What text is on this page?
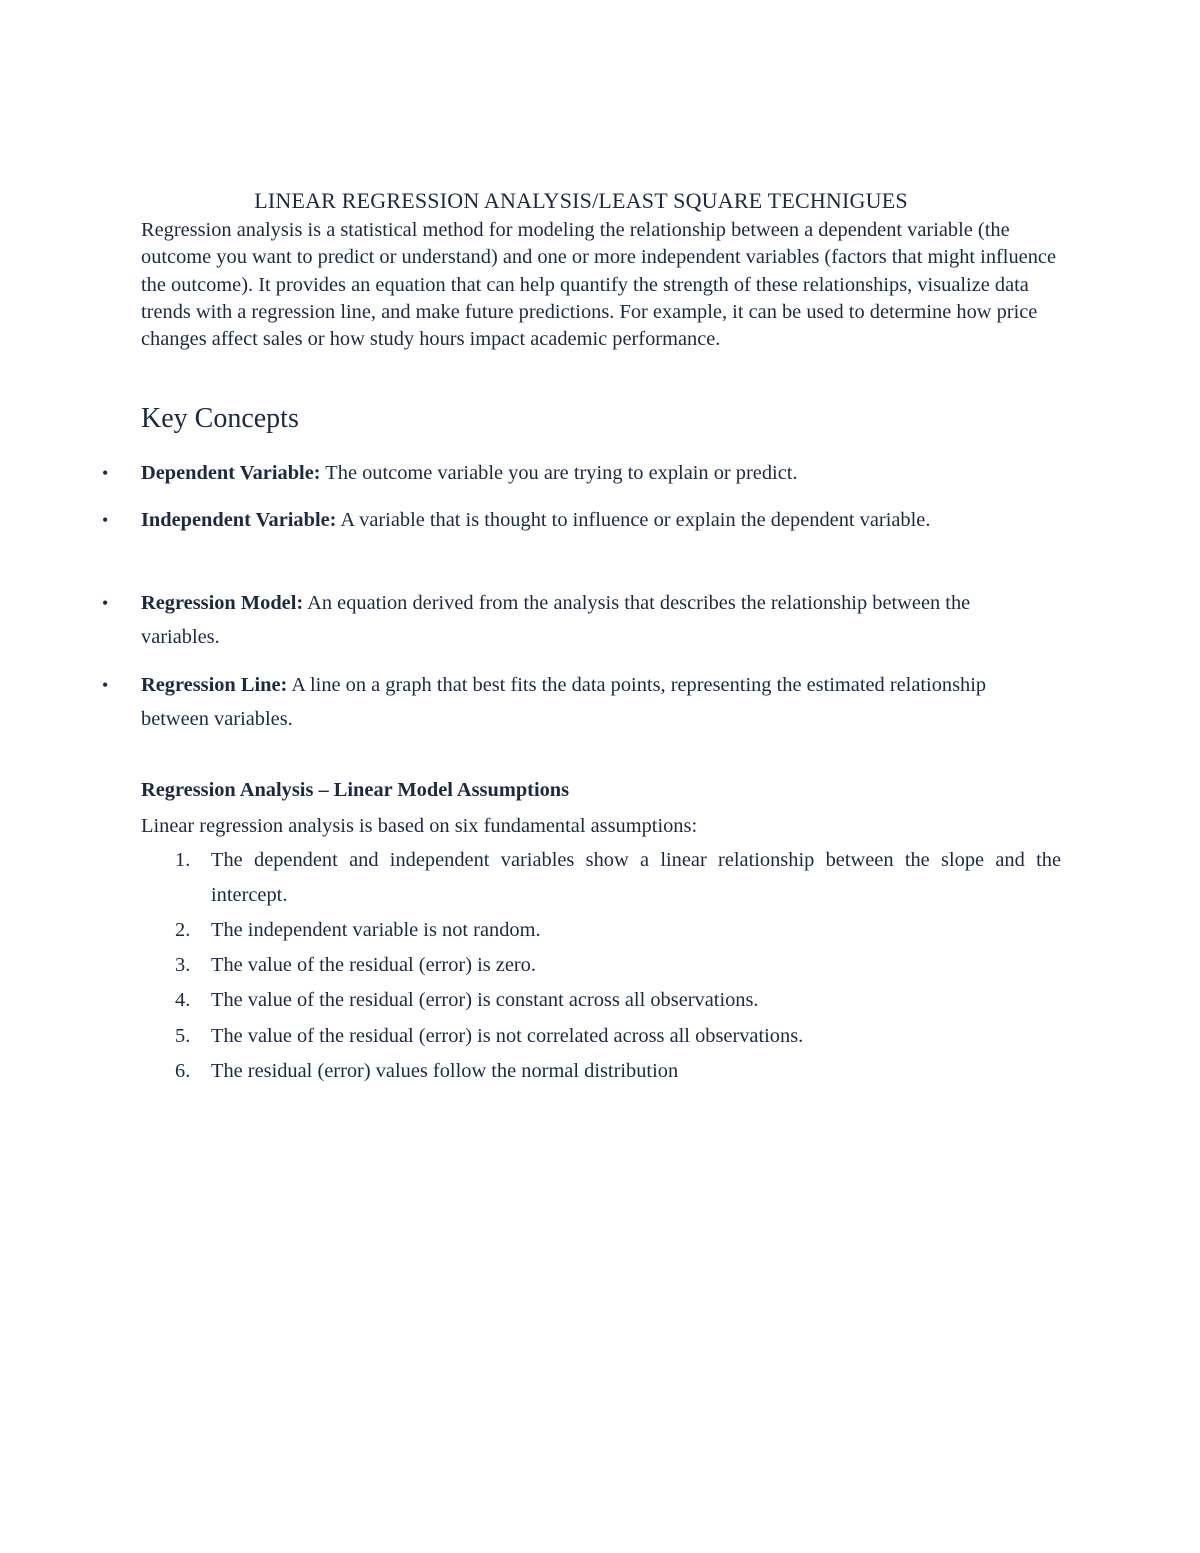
LINEAR REGRESSION ANALYSIS/LEAST SQUARE TECHNIGUES

Regression analysis is a statistical method for modeling the relationship between a dependent variable (the outcome you want to predict or understand) and one or more independent variables (factors that might influence the outcome). It provides an equation that can help quantify the strength of these relationships, visualize data trends with a regression line, and make future predictions. For example, it can be used to determine how price changes affect sales or how study hours impact academic performance.

Key Concepts
• Dependent Variable: The outcome variable you are trying to explain or predict.
• Independent Variable: A variable that is thought to influence or explain the dependent variable.
• Regression Model: An equation derived from the analysis that describes the relationship between the variables.
• Regression Line: A line on a graph that best fits the data points, representing the estimated relationship between variables.
Regression Analysis – Linear Model Assumptions

Linear regression analysis is based on six fundamental assumptions:

1. The dependent and independent variables show a linear relationship between the slope and the intercept.
2. The independent variable is not random.
3. The value of the residual (error) is zero.
4. The value of the residual (error) is constant across all observations.
5. The value of the residual (error) is not correlated across all observations.
6. The residual (error) values follow the normal distribution
